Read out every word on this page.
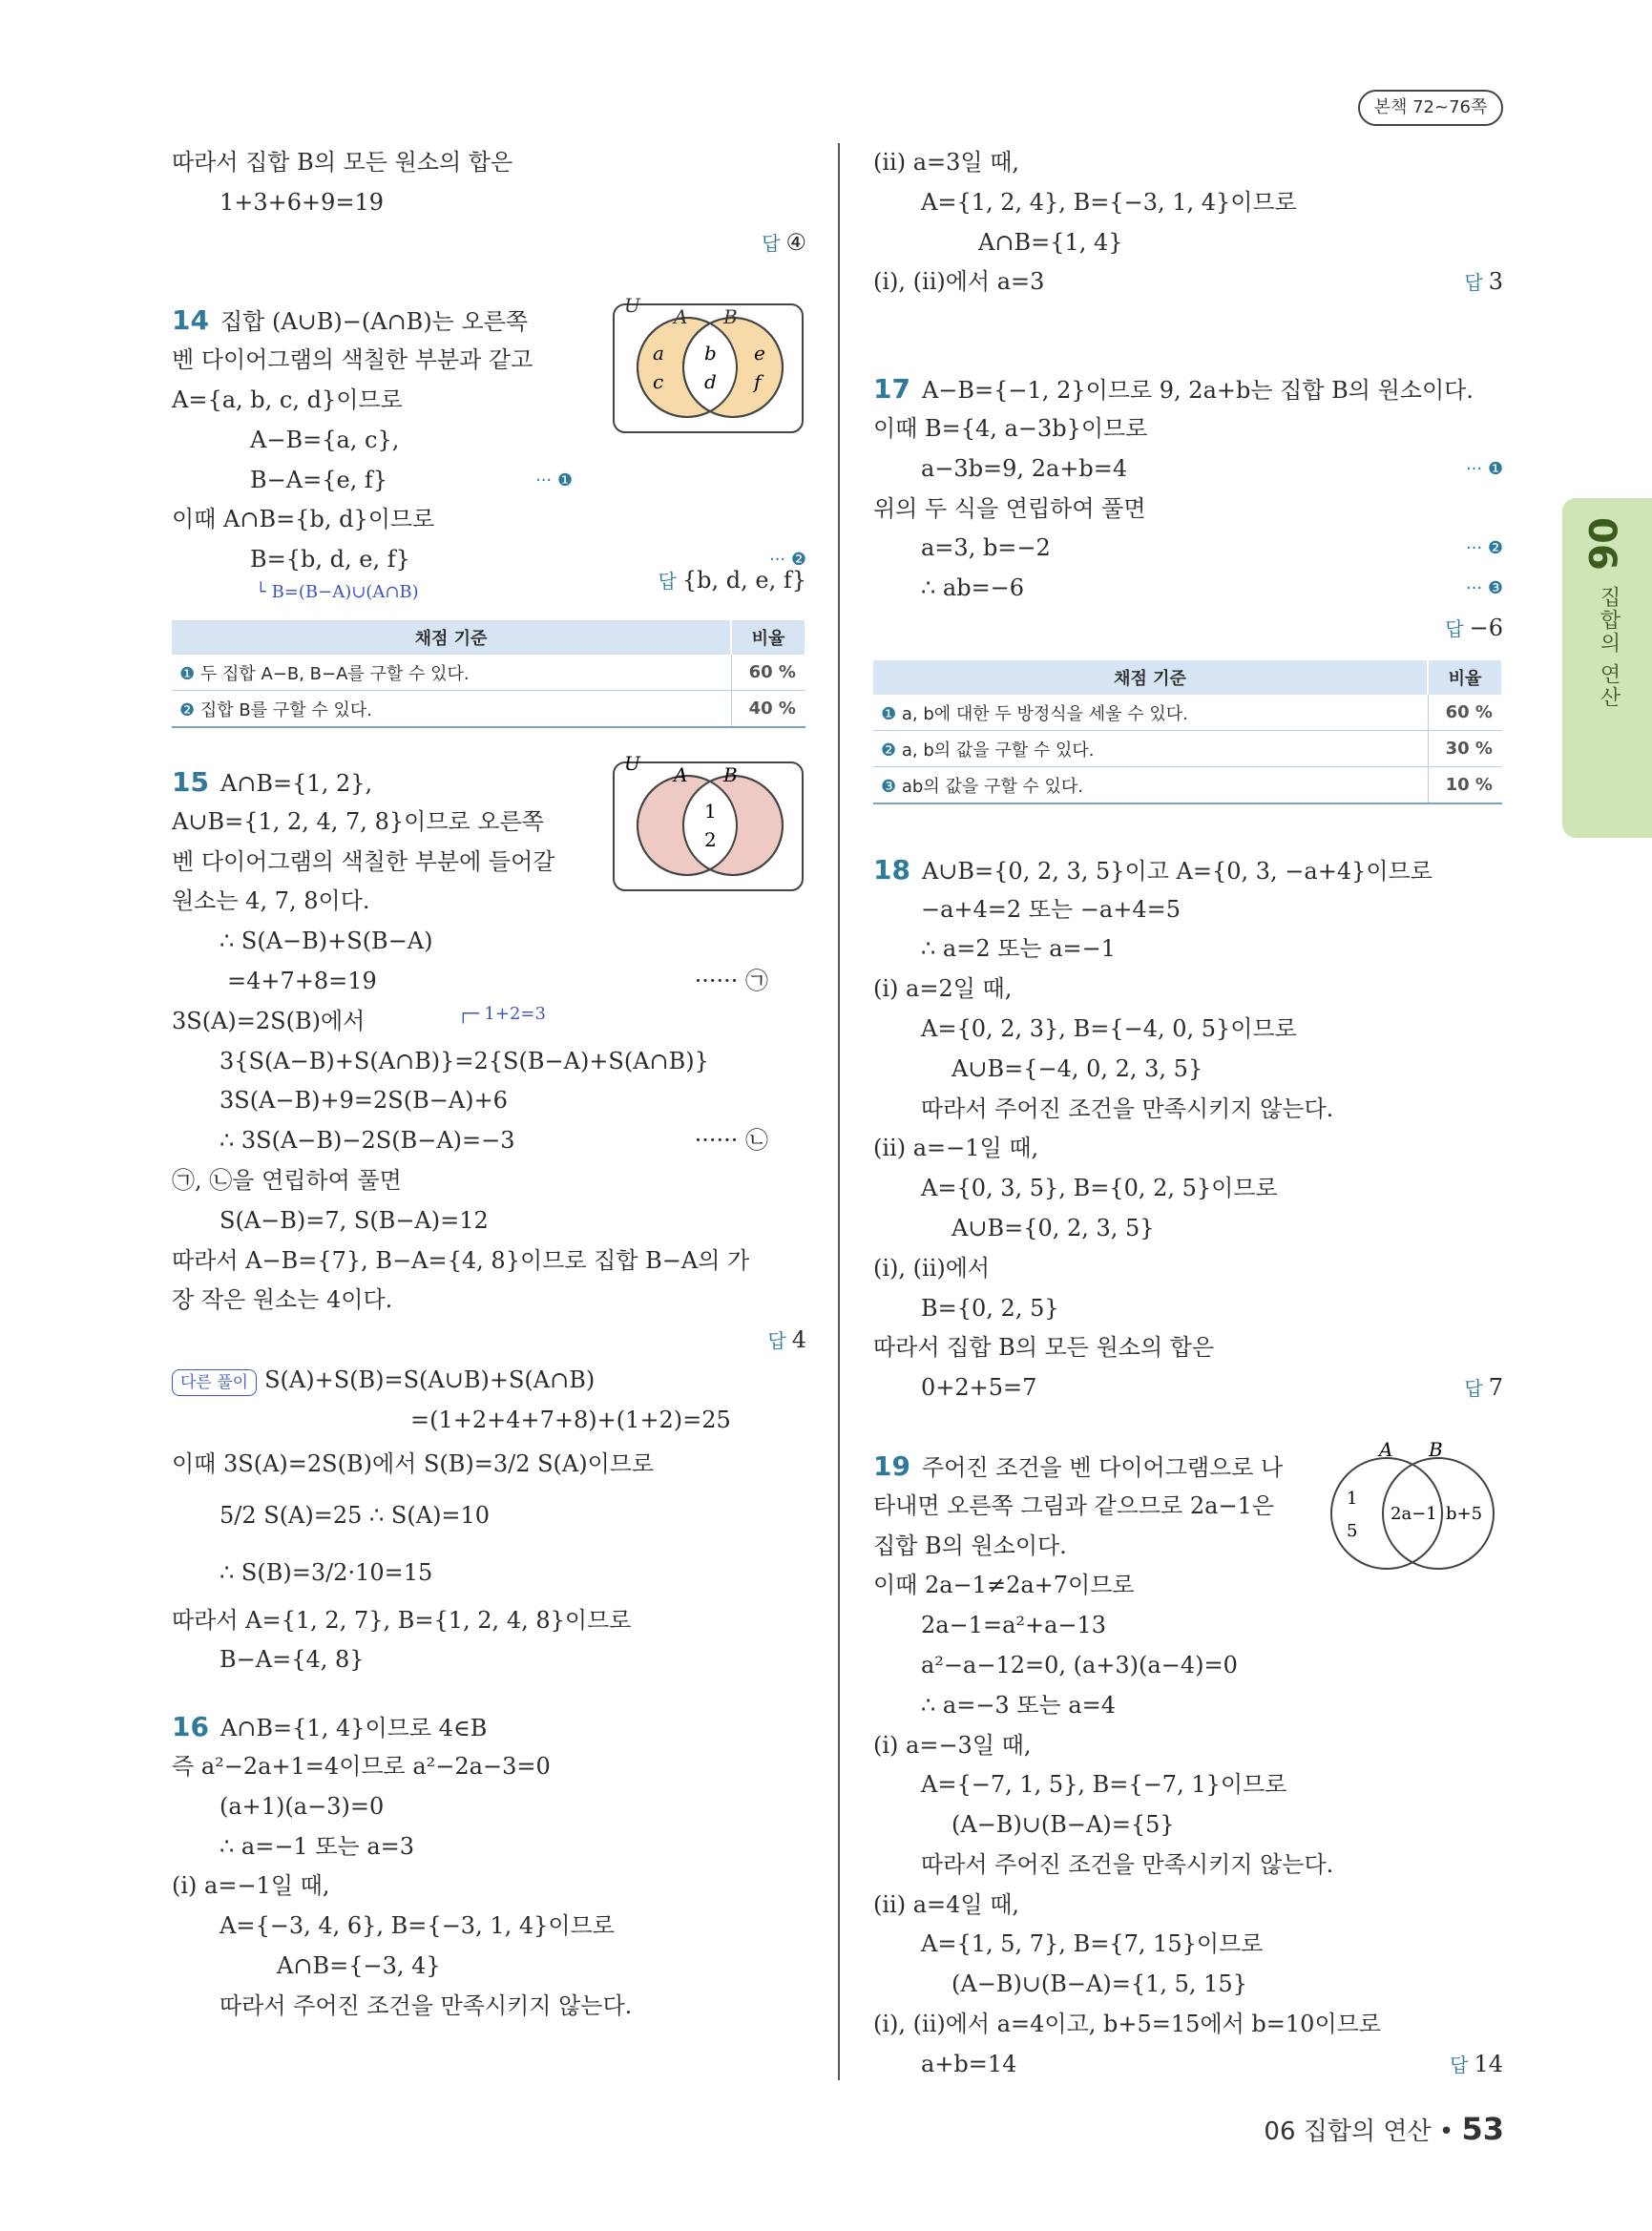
본책 72~76쪽
06
집합의 연산
따라서 집합 B의 모든 원소의 합은
1+3+6+9=19
답 ④
U A B
a
c
b
d
e
f
14 집합 (A∪B)−(A∩B)는 오른쪽
벤 다이어그램의 색칠한 부분과 같고
A={a, b, c, d}이므로
A−B={a, c},
B−A={e, f}	··· ❶
이때 A∩B={b, d}이므로
B={b, d, e, f}	··· ❷
└ B=(B−A)∪(A∩B)	답 {b, d, e, f}
채점 기준	비율
❶ 두 집합 A−B, B−A를 구할 수 있다.	60 %
❷ 집합 B를 구할 수 있다.	40 %
U A B
1
2
15 A∩B={1, 2},
A∪B={1, 2, 4, 7, 8}이므로 오른쪽
벤 다이어그램의 색칠한 부분에 들어갈
원소는 4, 7, 8이다.
∴ S(A−B)+S(B−A)
=4+7+8=19	······ ㉠
3S(A)=2S(B)에서	┌─ 1+2=3
3{S(A−B)+S(A∩B)}=2{S(B−A)+S(A∩B)}
3S(A−B)+9=2S(B−A)+6
∴ 3S(A−B)−2S(B−A)=−3	······ ㉡
㉠, ㉡을 연립하여 풀면
S(A−B)=7, S(B−A)=12
따라서 A−B={7}, B−A={4, 8}이므로 집합 B−A의 가
장 작은 원소는 4이다.
답 4
다른 풀이 S(A)+S(B)=S(A∪B)+S(A∩B)
=(1+2+4+7+8)+(1+2)=25
이때 3S(A)=2S(B)에서 S(B)=3/2 S(A)이므로
5/2 S(A)=25 ∴ S(A)=10
∴ S(B)=3/2·10=15
따라서 A={1, 2, 7}, B={1, 2, 4, 8}이므로
B−A={4, 8}
16 A∩B={1, 4}이므로 4∈B
즉 a²−2a+1=4이므로 a²−2a−3=0
(a+1)(a−3)=0
∴ a=−1 또는 a=3
(i) a=−1일 때,
A={−3, 4, 6}, B={−3, 1, 4}이므로
A∩B={−3, 4}
따라서 주어진 조건을 만족시키지 않는다.
(ii) a=3일 때,
A={1, 2, 4}, B={−3, 1, 4}이므로
A∩B={1, 4}
(i), (ii)에서 a=3	답 3
17 A−B={−1, 2}이므로 9, 2a+b는 집합 B의 원소이다.
이때 B={4, a−3b}이므로
a−3b=9, 2a+b=4	··· ❶
위의 두 식을 연립하여 풀면
a=3, b=−2	··· ❷
∴ ab=−6	··· ❸
답 −6
채점 기준	비율
❶ a, b에 대한 두 방정식을 세울 수 있다.	60 %
❷ a, b의 값을 구할 수 있다.	30 %
❸ ab의 값을 구할 수 있다.	10 %
18 A∪B={0, 2, 3, 5}이고 A={0, 3, −a+4}이므로
−a+4=2 또는 −a+4=5
∴ a=2 또는 a=−1
(i) a=2일 때,
A={0, 2, 3}, B={−4, 0, 5}이므로
A∪B={−4, 0, 2, 3, 5}
따라서 주어진 조건을 만족시키지 않는다.
(ii) a=−1일 때,
A={0, 3, 5}, B={0, 2, 5}이므로
A∪B={0, 2, 3, 5}
(i), (ii)에서
B={0, 2, 5}
따라서 집합 B의 모든 원소의 합은
0+2+5=7	답 7
A B
1
5
2a−1 b+5
19 주어진 조건을 벤 다이어그램으로 나
타내면 오른쪽 그림과 같으므로 2a−1은
집합 B의 원소이다.
이때 2a−1≠2a+7이므로
2a−1=a²+a−13
a²−a−12=0, (a+3)(a−4)=0
∴ a=−3 또는 a=4
(i) a=−3일 때,
A={−7, 1, 5}, B={−7, 1}이므로
(A−B)∪(B−A)={5}
따라서 주어진 조건을 만족시키지 않는다.
(ii) a=4일 때,
A={1, 5, 7}, B={7, 15}이므로
(A−B)∪(B−A)={1, 5, 15}
(i), (ii)에서 a=4이고, b+5=15에서 b=10이므로
a+b=14	답 14
06 집합의 연산 • 53
